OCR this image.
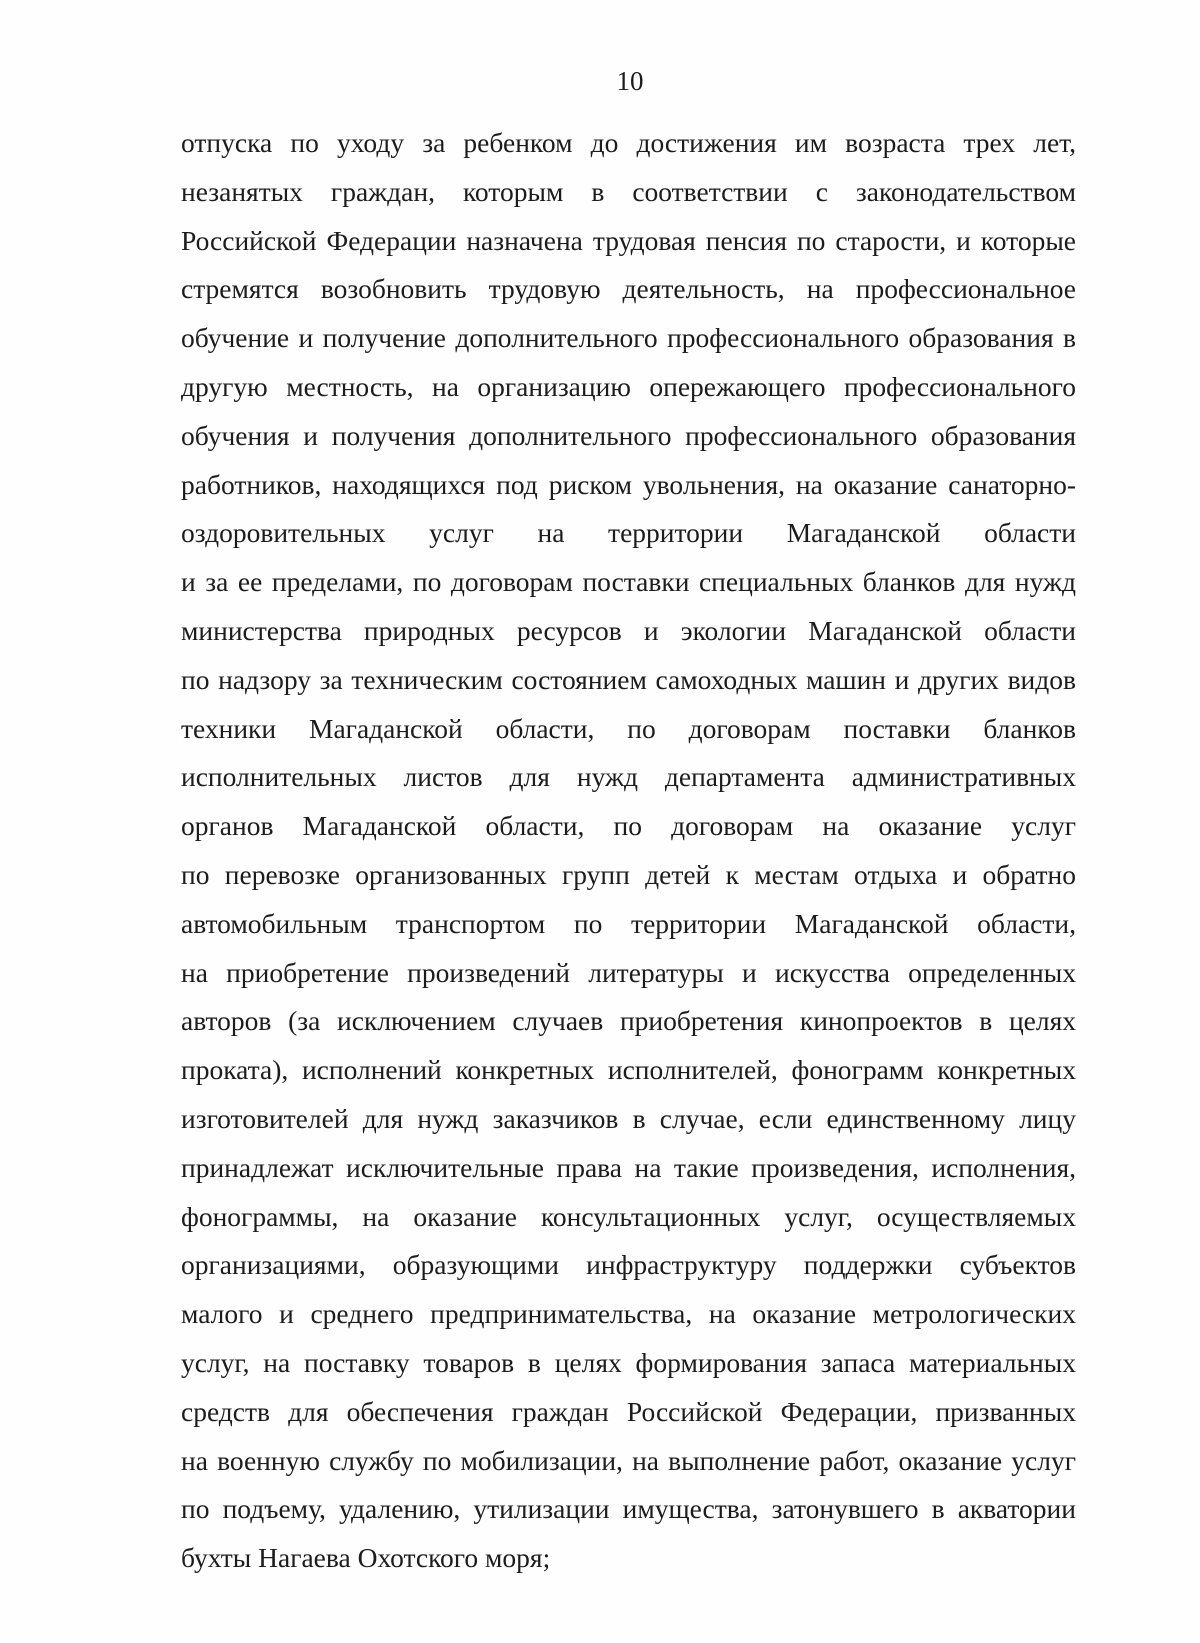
10
отпуска по уходу за ребенком до достижения им возраста трех лет,
незанятых граждан, которым в соответствии с законодательством
Российской Федерации назначена трудовая пенсия по старости, и которые
стремятся возобновить трудовую деятельность, на профессиональное
обучение и получение дополнительного профессионального образования в
другую местность, на организацию опережающего профессионального
обучения и получения дополнительного профессионального образования
работников, находящихся под риском увольнения, на оказание санаторно-
оздоровительных услуг на территории Магаданской области
и за ее пределами, по договорам поставки специальных бланков для нужд
министерства природных ресурсов и экологии Магаданской области
по надзору за техническим состоянием самоходных машин и других видов
техники Магаданской области, по договорам поставки бланков
исполнительных листов для нужд департамента административных
органов Магаданской области, по договорам на оказание услуг
по перевозке организованных групп детей к местам отдыха и обратно
автомобильным транспортом по территории Магаданской области,
на приобретение произведений литературы и искусства определенных
авторов (за исключением случаев приобретения кинопроектов в целях
проката), исполнений конкретных исполнителей, фонограмм конкретных
изготовителей для нужд заказчиков в случае, если единственному лицу
принадлежат исключительные права на такие произведения, исполнения,
фонограммы, на оказание консультационных услуг, осуществляемых
организациями, образующими инфраструктуру поддержки субъектов
малого и среднего предпринимательства, на оказание метрологических
услуг, на поставку товаров в целях формирования запаса материальных
средств для обеспечения граждан Российской Федерации, призванных
на военную службу по мобилизации, на выполнение работ, оказание услуг
по подъему, удалению, утилизации имущества, затонувшего в акватории
бухты Нагаева Охотского моря;
